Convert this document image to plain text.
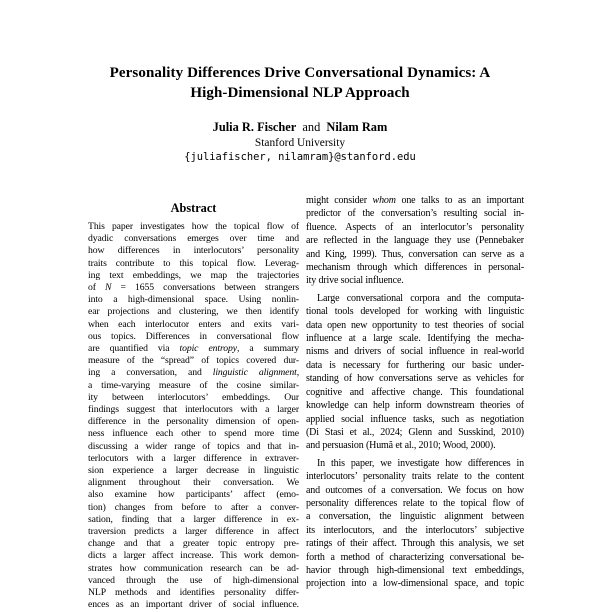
Personality Differences Drive Conversational Dynamics: A
High-Dimensional NLP Approach
Julia R. Fischer and Nilam Ram
Stanford University
{juliafischer, nilamram}@stanford.edu
Abstract
This paper investigates how the topical flow of
dyadic conversations emerges over time and
how differences in interlocutors’ personality
traits contribute to this topical flow. Leverag-
ing text embeddings, we map the trajectories
of N = 1655 conversations between strangers
into a high-dimensional space. Using nonlin-
ear projections and clustering, we then identify
when each interlocutor enters and exits vari-
ous topics. Differences in conversational flow
are quantified via topic entropy, a summary
measure of the “spread” of topics covered dur-
ing a conversation, and linguistic alignment,
a time-varying measure of the cosine similar-
ity between interlocutors’ embeddings. Our
findings suggest that interlocutors with a larger
difference in the personality dimension of open-
ness influence each other to spend more time
discussing a wider range of topics and that in-
terlocutors with a larger difference in extraver-
sion experience a larger decrease in linguistic
alignment throughout their conversation. We
also examine how participants’ affect (emo-
tion) changes from before to after a conver-
sation, finding that a larger difference in ex-
traversion predicts a larger difference in affect
change and that a greater topic entropy pre-
dicts a larger affect increase. This work demon-
strates how communication research can be ad-
vanced through the use of high-dimensional
NLP methods and identifies personality differ-
ences as an important driver of social influence.
might consider whom one talks to as an important
predictor of the conversation’s resulting social in-
fluence. Aspects of an interlocutor’s personality
are reflected in the language they use (Pennebaker
and King, 1999). Thus, conversation can serve as a
mechanism through which differences in personal-
ity drive social influence.
Large conversational corpora and the computa-
tional tools developed for working with linguistic
data open new opportunity to test theories of social
influence at a large scale. Identifying the mecha-
nisms and drivers of social influence in real-world
data is necessary for furthering our basic under-
standing of how conversations serve as vehicles for
cognitive and affective change. This foundational
knowledge can help inform downstream theories of
applied social influence tasks, such as negotiation
(Di Stasi et al., 2024; Glenn and Susskind, 2010)
and persuasion (Humă et al., 2010; Wood, 2000).
In this paper, we investigate how differences in
interlocutors’ personality traits relate to the content
and outcomes of a conversation. We focus on how
personality differences relate to the topical flow of
a conversation, the linguistic alignment between
its interlocutors, and the interlocutors’ subjective
ratings of their affect. Through this analysis, we set
forth a method of characterizing conversational be-
havior through high-dimensional text embeddings,
projection into a low-dimensional space, and topic
